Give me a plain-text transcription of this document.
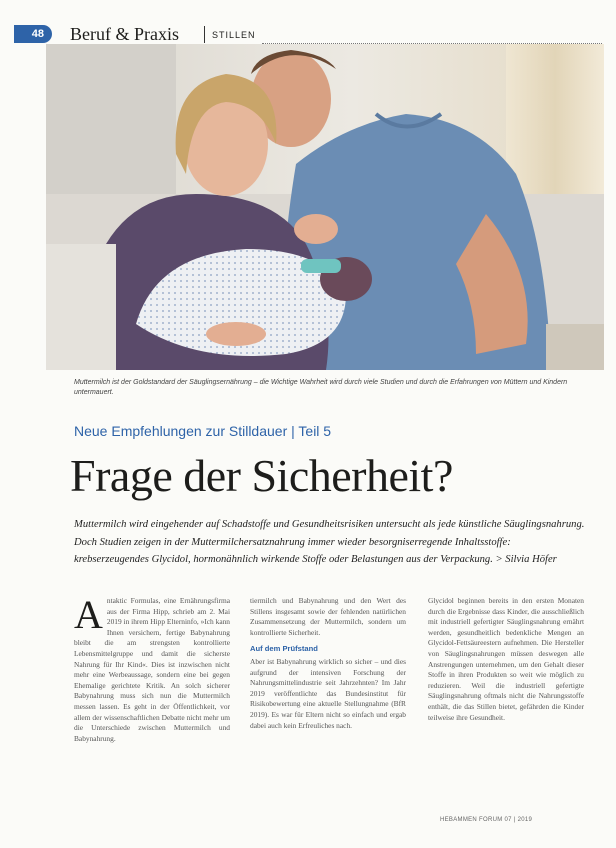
48	Beruf & Praxis	STILLEN
Muttermilch ist der Goldstandard der Säuglingsernährung – die Wichtige Wahrheit wird durch viele Studien und durch die Erfahrungen von Müttern und Kindern untermauert.
Neue Empfehlungen zur Stilldauer | Teil 5
Frage der Sicherheit?
Muttermilch wird eingehender auf Schadstoffe und Gesundheitsrisiken untersucht als jede künstliche Säuglingsnahrung. Doch Studien zeigen in der Muttermilchersatznahrung immer wieder besorgniserregende Inhaltsstoffe: krebserzeugendes Glycidol, hormonähnlich wirkende Stoffe oder Belastungen aus der Verpackung. > Silvia Höfer
A ntaktic Formulas, eine Ernährungsfirma aus der Firma Hipp, schrieb am 2. Mai 2019 in ihrem Hipp Elterninfo, »Ich kann Ihnen versichern, fertige Babynahrung bleibt die am strengsten kontrollierte Lebensmittelgruppe und damit die sicherste Nahrung für Ihr Kind«. Dies ist inzwischen nicht mehr eine Werbeaussage, sondern eine bei gegen Ehemalige gerichtete Kritik. An solch sicherer Babynahrung muss sich nun die Muttermilch messen lassen. Es geht in der Öffentlichkeit, vor allem der wissenschaftlichen Debatte nicht mehr um die Unterschiede zwischen Muttermilch und Babynahrung.

tiermilch und Babynahrung und den Wert des Stillens insgesamt sowie der fehlenden natürlichen Zusammensetzung der Muttermilch, sondern um kontrollierte Sicherheit.

Auf dem Prüfstand

Aber ist Babynahrung wirklich so sicher – und dies aufgrund der intensiven Forschung der Nahrungsmittelindustrie seit Jahrzehnten? Im Jahr 2019 veröffentlichte das Bundesinstitut für Risikobewertung eine aktuelle Stellungnahme (BfR 2019). Es war für Eltern nicht so einfach und ergab dabei auch kein Erfreuliches nach.

Glycidol beginnen bereits in den ersten Monaten durch die Ergebnisse dass Kinder, die ausschließlich mit industriell gefertigter Säuglingsnahrung ernährt werden, gesundheitlich bedenkliche Mengen an Glycidol-Fettsäureestern aufnehmen. Die Hersteller von Säuglingsnahrungen müssen deswegen alle Anstrengungen unternehmen, um den Gehalt dieser Stoffe in ihren Produkten so weit wie möglich zu reduzieren. Weil die industriell gefertigte Säuglingsnahrung oftmals nicht die Nahrungsstoffe enthält, die das Stillen bietet, gefährden die Kinder teilweise ihre Gesundheit.

HEBAMMEN FORUM 07 | 2019
